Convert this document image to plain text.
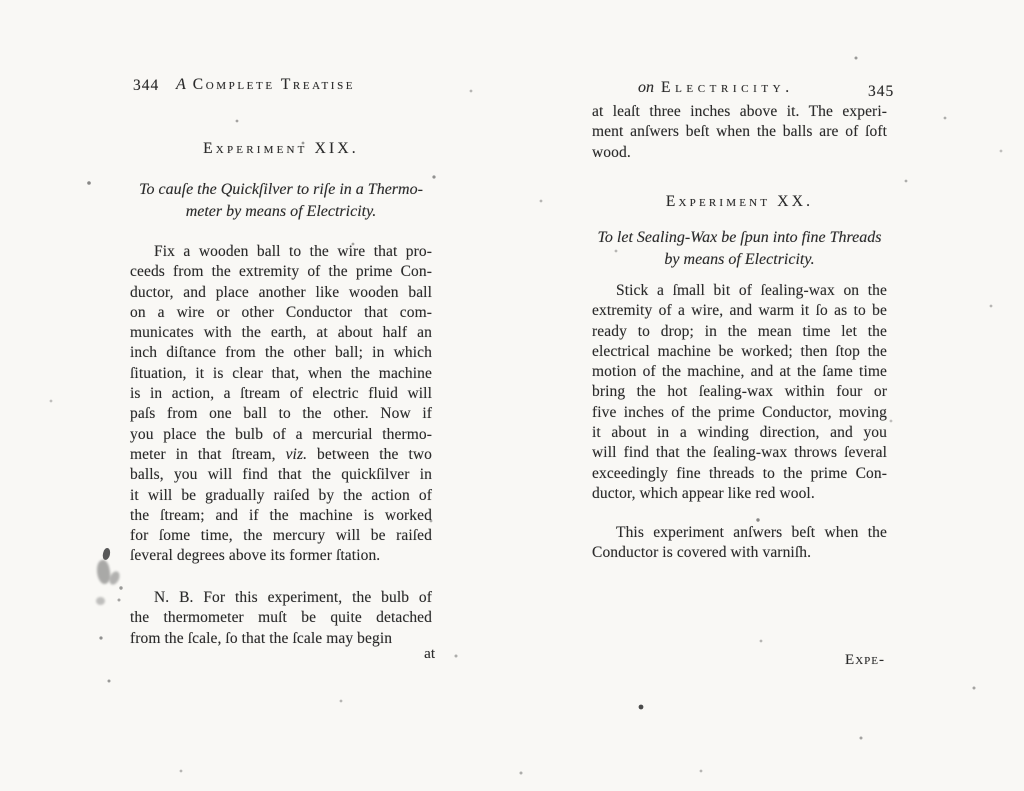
344 A Complete Treatise
Experiment XIX.
To cauſe the Quickſilver to riſe in a Thermo-
meter by means of Electricity.
Fix a wooden ball to the wire that pro-
ceeds from the extremity of the prime Con-
ductor, and place another like wooden ball
on a wire or other Conductor that com-
municates with the earth, at about half an
inch diſtance from the other ball; in which
ſituation, it is clear that, when the machine
is in action, a ſtream of electric fluid will
paſs from one ball to the other. Now if
you place the bulb of a mercurial thermo-
meter in that ſtream, viz. between the two
balls, you will find that the quickſilver in
it will be gradually raiſed by the action of
the ſtream; and if the machine is worked
for ſome time, the mercury will be raiſed
ſeveral degrees above its former ſtation.
N. B. For this experiment, the bulb of
the thermometer muſt be quite detached
from the ſcale, ſo that the ſcale may begin
at
on Electricity.	345
at leaſt three inches above it. The experi-
ment anſwers beſt when the balls are of ſoft
wood.
Experiment XX.
To let Sealing-Wax be ſpun into fine Threads
by means of Electricity.
Stick a ſmall bit of ſealing-wax on the
extremity of a wire, and warm it ſo as to be
ready to drop; in the mean time let the
electrical machine be worked; then ſtop the
motion of the machine, and at the ſame time
bring the hot ſealing-wax within four or
five inches of the prime Conductor, moving
it about in a winding direction, and you
will find that the ſealing-wax throws ſeveral
exceedingly fine threads to the prime Con-
ductor, which appear like red wool.
This experiment anſwers beſt when the
Conductor is covered with varniſh.
Expe-
